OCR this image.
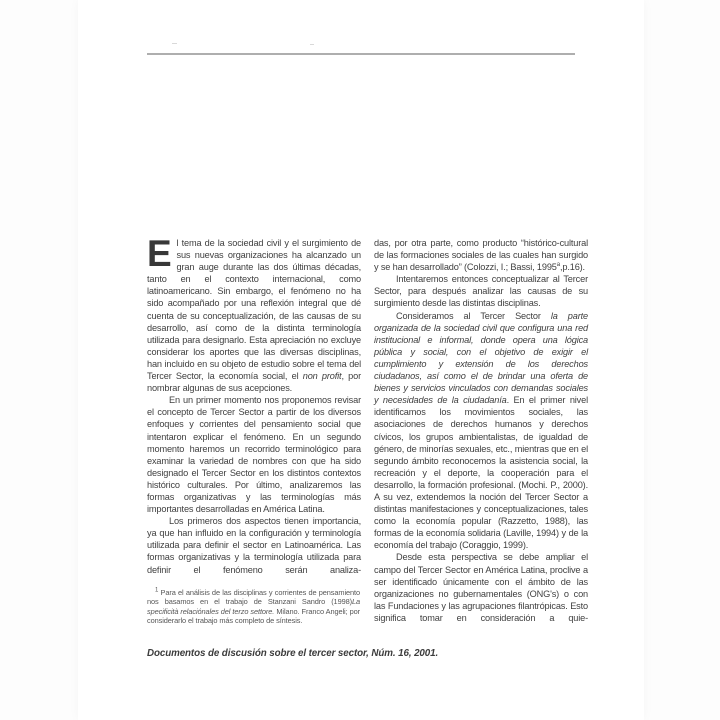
El tema de la sociedad civil y el surgimiento de sus nuevas organizaciones ha alcanzado un gran auge durante las dos últimas décadas, tanto en el contexto internacional, como latinoamericano. Sin embargo, el fenómeno no ha sido acompañado por una reflexión integral que dé cuenta de su conceptualización, de las causas de su desarrollo, así como de la distinta terminología utilizada para designarlo. Esta apreciación no excluye considerar los aportes que las diversas disciplinas, han incluido en su objeto de estudio sobre el tema del Tercer Sector, la economía social, el non profit, por nombrar algunas de sus acepciones.

En un primer momento nos proponemos revisar el concepto de Tercer Sector a partir de los diversos enfoques y corrientes del pensamiento social que intentaron explicar el fenómeno. En un segundo momento haremos un recorrido terminológico para examinar la variedad de nombres con que ha sido designado el Tercer Sector en los distintos contextos histórico culturales. Por último, analizaremos las formas organizativas y las terminologías más importantes desarrolladas en América Latina.

Los primeros dos aspectos tienen importancia, ya que han influido en la configuración y terminología utilizada para definir el sector en Latinoamérica. Las formas organizativas y la terminología utilizada para definir el fenómeno serán analiza-

$^1$ Para el análisis de las disciplinas y corrientes de pensamiento nos basamos en el trabajo de Stanzani Sandro (1998)La specificità relaciónales del terzo settore. Milano. Franco Angeli; por considerarlo el trabajo más completo de síntesis.

das, por otra parte, como producto “histórico-cultural de las formaciones sociales de las cuales han surgido y se han desarrollado” (Colozzi, I.; Bassi, 1995$^a$,p.16).

Intentaremos entonces conceptualizar al Tercer Sector, para después analizar las causas de su surgimiento desde las distintas disciplinas.

Consideramos al Tercer Sector la parte organizada de la sociedad civil que configura una red institucional e informal, donde opera una lógica pública y social, con el objetivo de exigir el cumplimiento y extensión de los derechos ciudadanos, así como el de brindar una oferta de bienes y servicios vinculados con demandas sociales y necesidades de la ciudadanía. En el primer nivel identificamos los movimientos sociales, las asociaciones de derechos humanos y derechos cívicos, los grupos ambientalistas, de igualdad de género, de minorías sexuales, etc., mientras que en el segundo ámbito reconocemos la asistencia social, la recreación y el deporte, la cooperación para el desarrollo, la formación profesional. (Mochi. P., 2000). A su vez, extendemos la noción del Tercer Sector a distintas manifestaciones y conceptualizaciones, tales como la economía popular (Razzetto, 1988), las formas de la economía solidaria (Laville, 1994) y de la economía del trabajo (Coraggio, 1999).

Desde esta perspectiva se debe ampliar el campo del Tercer Sector en América Latina, proclive a ser identificado únicamente con el ámbito de las organizaciones no gubernamentales (ONG's) o con las Fundaciones y las agrupaciones filantrópicas. Esto significa tomar en consideración a quie-

Documentos de discusión sobre el tercer sector, Núm. 16, 2001.
